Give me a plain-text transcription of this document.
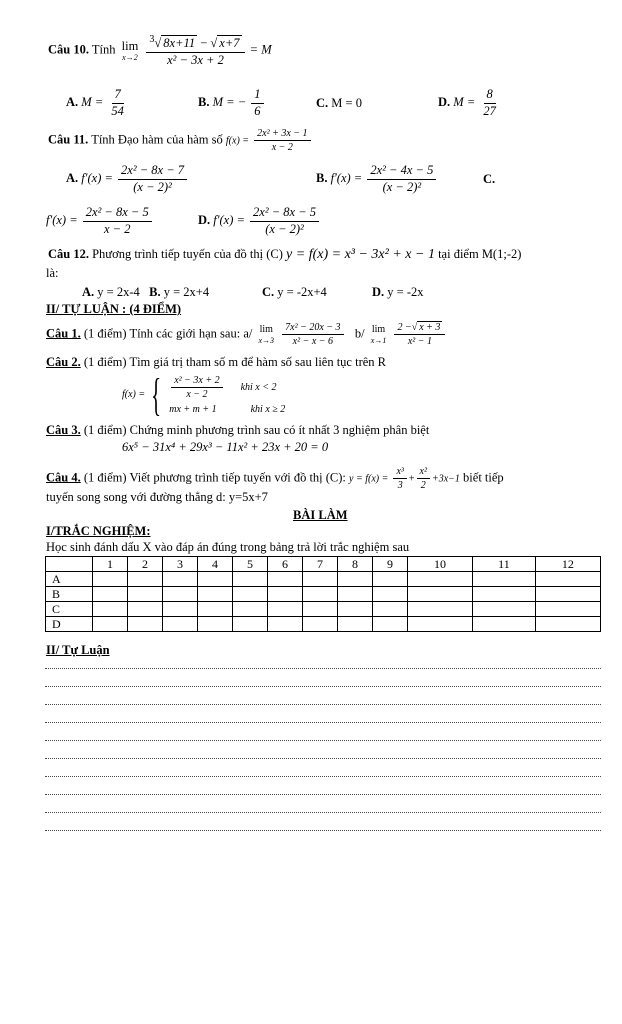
Câu 10. Tính lim
x→2
$\frac{^3√ 8x+11 - √ x+7}{\text{x² − 3x + 2}} = M$
A. $M = \frac{7}{54}$	B. M = − $\frac{1}{6}$	C. M = 0	D. $M = \frac{8}{27}$
Câu 11. Tính Đạo hàm của hàm số $f(x) = \frac{\text{2x² + 3x − 1}}{x - 2}$
A. $f'(x) = \frac{\text{2x² − 8x − 7}}{\text{(x − 2)²}}$	B. $f'(x) = \frac{\text{2x² − 4x − 5}}{\text{(x − 2)²}}$	C.
$f'(x) = \frac{\text{2x² − 8x − 5}}{x - 2}$	D. $f'(x) = \frac{\text{2x² − 8x − 5}}{\text{(x − 2)²}}$
Câu 12. Phương trình tiếp tuyến của đồ thị (C) y = f(x) = x³ − 3x² + x − 1 tại điểm M(1;-2)
là:
A. y = 2x-4 B. y = 2x+4	C. y = -2x+4	D. y = -2x
II/ TỰ LUẬN : (4 ĐIỂM)
Câu 1. (1 điểm) Tính các giới hạn sau: a/ lim
x→3
$\frac{\text{7x² − 20x − 3}}{\text{x² − x − 6}} b/$ lim
x→1
$\frac{2 -√ x + 3}{\text{x² − 1}}$
Câu 2. (1 điểm) Tìm giá trị tham số m để hàm số sau liên tục trên R
f(x) = { $\frac{\text{x² − 3x + 2}}{x - 2}$ khi x < 2
mx + m + 1	khi x ≥ 2
Câu 3. (1 điểm) Chứng minh phương trình sau có ít nhất 3 nghiệm phân biệt
6x⁵ − 31x⁴ + 29x³ − 11x² + 23x + 20 = 0
Câu 4. (1 điểm) Viết phương trình tiếp tuyến với đồ thị (C): $y = f(x) = \frac{\text{x³}}{3} + \frac{\text{x²}}{2} +3x-1$ biết tiếp
tuyến song song với đường thẳng d: y=5x+7
BÀI LÀM
I/TRẮC NGHIỆM:
Học sinh đánh dấu X vào đáp án đúng trong bảng trả lời trắc nghiệm sau
	1	2	3	4	5	6	7	8	9	10	11	12
A												
B												
C												
D												
II/ Tự Luận
